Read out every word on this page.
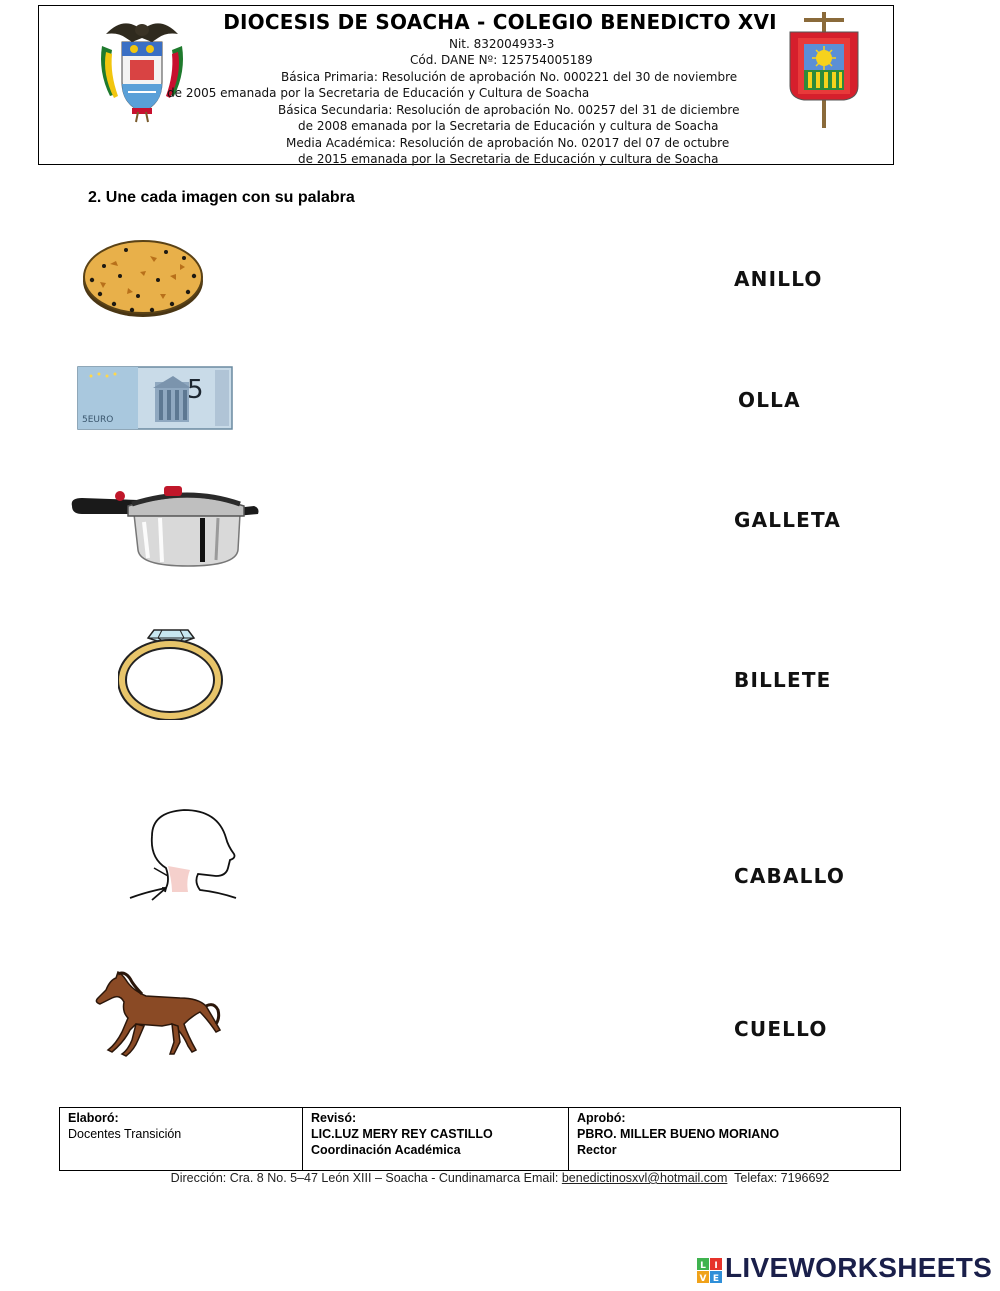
DIOCESIS DE SOACHA - COLEGIO BENEDICTO XVI
Nit. 832004933-3
Cód. DANE Nº: 125754005189
Básica Primaria: Resolución de aprobación No. 000221 del 30 de noviembre
de 2005 emanada por la Secretaria de Educación y Cultura de Soacha
Básica Secundaria: Resolución de aprobación No. 00257 del 31 de diciembre
de 2008 emanada por la Secretaria de Educación y cultura de Soacha
Media Académica: Resolución de aprobación No. 02017 del 07 de octubre
de 2015 emanada por la Secretaria de Educación y cultura de Soacha
2. Une cada imagen con su palabra
5
5EURO
ANILLO
OLLA
GALLETA
BILLETE
CABALLO
CUELLO
Elaboró:
Docentes Transición
Revisó:
LIC.LUZ MERY REY CASTILLO
Coordinación Académica
Aprobó:
PBRO. MILLER BUENO MORIANO
Rector
Dirección: Cra. 8 No. 5–47 León XIII – Soacha - Cundinamarca Email: benedictinosxvl@hotmail.com  Telefax: 7196692
L I
V E LIVEWORKSHEETS
